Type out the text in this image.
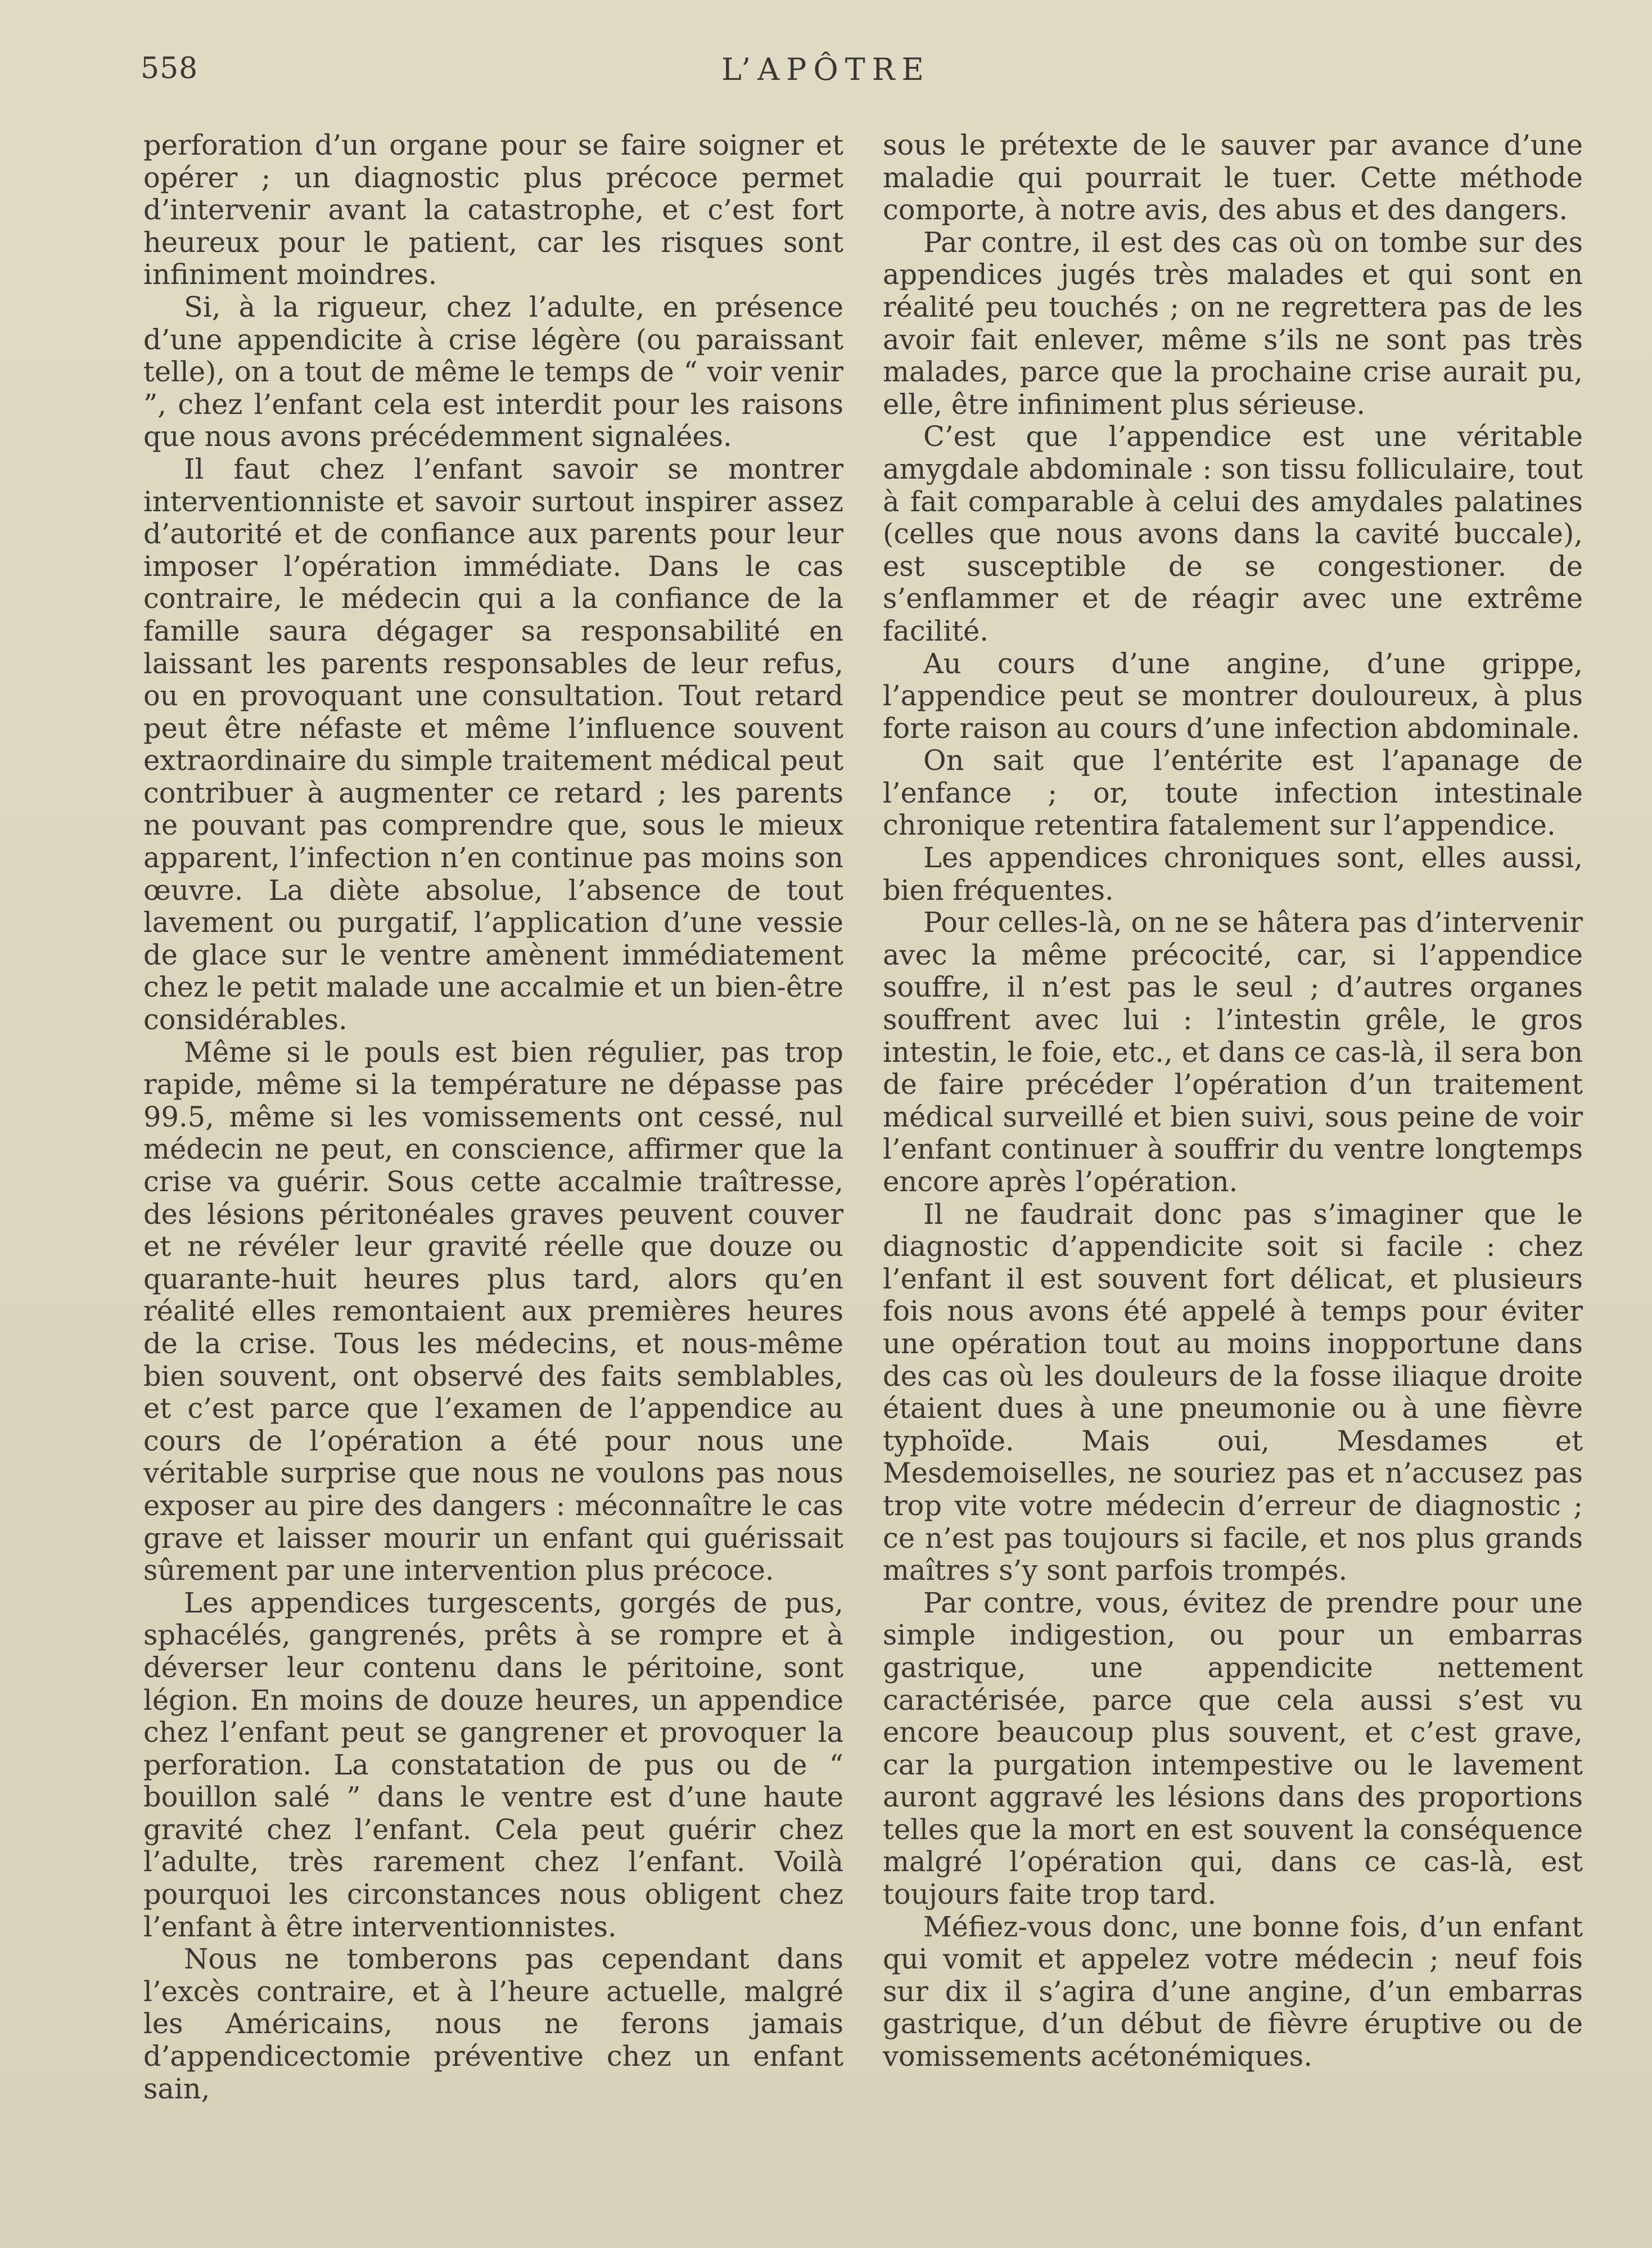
558	L’APÔTRE

perforation d’un organe pour se faire soigner et opérer ; un diagnostic plus précoce permet d’intervenir avant la catastrophe, et c’est fort heureux pour le patient, car les risques sont infiniment moindres.

Si, à la rigueur, chez l’adulte, en présence d’une appendicite à crise légère (ou paraissant telle), on a tout de même le temps de “ voir venir ”, chez l’enfant cela est interdit pour les raisons que nous avons précédemment signalées.

Il faut chez l’enfant savoir se montrer interventionniste et savoir surtout inspirer assez d’autorité et de confiance aux parents pour leur imposer l’opération immédiate. Dans le cas contraire, le médecin qui a la confiance de la famille saura dégager sa responsabilité en laissant les parents responsables de leur refus, ou en provoquant une consultation. Tout retard peut être néfaste et même l’influence souvent extraordinaire du simple traitement médical peut contribuer à augmenter ce retard ; les parents ne pouvant pas comprendre que, sous le mieux apparent, l’infection n’en continue pas moins son œuvre. La diète absolue, l’absence de tout lavement ou purgatif, l’application d’une vessie de glace sur le ventre amènent immédiatement chez le petit malade une accalmie et un bien-être considérables.

Même si le pouls est bien régulier, pas trop rapide, même si la température ne dépasse pas 99.5, même si les vomissements ont cessé, nul médecin ne peut, en conscience, affirmer que la crise va guérir. Sous cette accalmie traîtresse, des lésions péritonéales graves peuvent couver et ne révéler leur gravité réelle que douze ou quarante-huit heures plus tard, alors qu’en réalité elles remontaient aux premières heures de la crise. Tous les médecins, et nous-même bien souvent, ont observé des faits semblables, et c’est parce que l’examen de l’appendice au cours de l’opération a été pour nous une véritable surprise que nous ne voulons pas nous exposer au pire des dangers : méconnaître le cas grave et laisser mourir un enfant qui guérissait sûrement par une intervention plus précoce.

Les appendices turgescents, gorgés de pus, sphacélés, gangrenés, prêts à se rompre et à déverser leur contenu dans le péritoine, sont légion. En moins de douze heures, un appendice chez l’enfant peut se gangrener et provoquer la perforation. La constatation de pus ou de “ bouillon salé ” dans le ventre est d’une haute gravité chez l’enfant. Cela peut guérir chez l’adulte, très rarement chez l’enfant. Voilà pourquoi les circonstances nous obligent chez l’enfant à être interventionnistes.

Nous ne tomberons pas cependant dans l’excès contraire, et à l’heure actuelle, malgré les Américains, nous ne ferons jamais d’appendicectomie préventive chez un enfant sain,

sous le prétexte de le sauver par avance d’une maladie qui pourrait le tuer. Cette méthode comporte, à notre avis, des abus et des dangers.

Par contre, il est des cas où on tombe sur des appendices jugés très malades et qui sont en réalité peu touchés ; on ne regrettera pas de les avoir fait enlever, même s’ils ne sont pas très malades, parce que la prochaine crise aurait pu, elle, être infiniment plus sérieuse.

C’est que l’appendice est une véritable amygdale abdominale : son tissu folliculaire, tout à fait comparable à celui des amydales palatines (celles que nous avons dans la cavité buccale), est susceptible de se congestioner. de s’enflammer et de réagir avec une extrême facilité.

Au cours d’une angine, d’une grippe, l’appendice peut se montrer douloureux, à plus forte raison au cours d’une infection abdominale.

On sait que l’entérite est l’apanage de l’enfance ; or, toute infection intestinale chronique retentira fatalement sur l’appendice.

Les appendices chroniques sont, elles aussi, bien fréquentes.

Pour celles-là, on ne se hâtera pas d’intervenir avec la même précocité, car, si l’appendice souffre, il n’est pas le seul ; d’autres organes souffrent avec lui : l’intestin grêle, le gros intestin, le foie, etc., et dans ce cas-là, il sera bon de faire précéder l’opération d’un traitement médical surveillé et bien suivi, sous peine de voir l’enfant continuer à souffrir du ventre longtemps encore après l’opération.

Il ne faudrait donc pas s’imaginer que le diagnostic d’appendicite soit si facile : chez l’enfant il est souvent fort délicat, et plusieurs fois nous avons été appelé à temps pour éviter une opération tout au moins inopportune dans des cas où les douleurs de la fosse iliaque droite étaient dues à une pneumonie ou à une fièvre typhoïde. Mais oui, Mesdames et Mesdemoiselles, ne souriez pas et n’accusez pas trop vite votre médecin d’erreur de diagnostic ; ce n’est pas toujours si facile, et nos plus grands maîtres s’y sont parfois trompés.

Par contre, vous, évitez de prendre pour une simple indigestion, ou pour un embarras gastrique, une appendicite nettement caractérisée, parce que cela aussi s’est vu encore beaucoup plus souvent, et c’est grave, car la purgation intempestive ou le lavement auront aggravé les lésions dans des proportions telles que la mort en est souvent la conséquence malgré l’opération qui, dans ce cas-là, est toujours faite trop tard.

Méfiez-vous donc, une bonne fois, d’un enfant qui vomit et appelez votre médecin ; neuf fois sur dix il s’agira d’une angine, d’un embarras gastrique, d’un début de fièvre éruptive ou de vomissements acétonémiques.
